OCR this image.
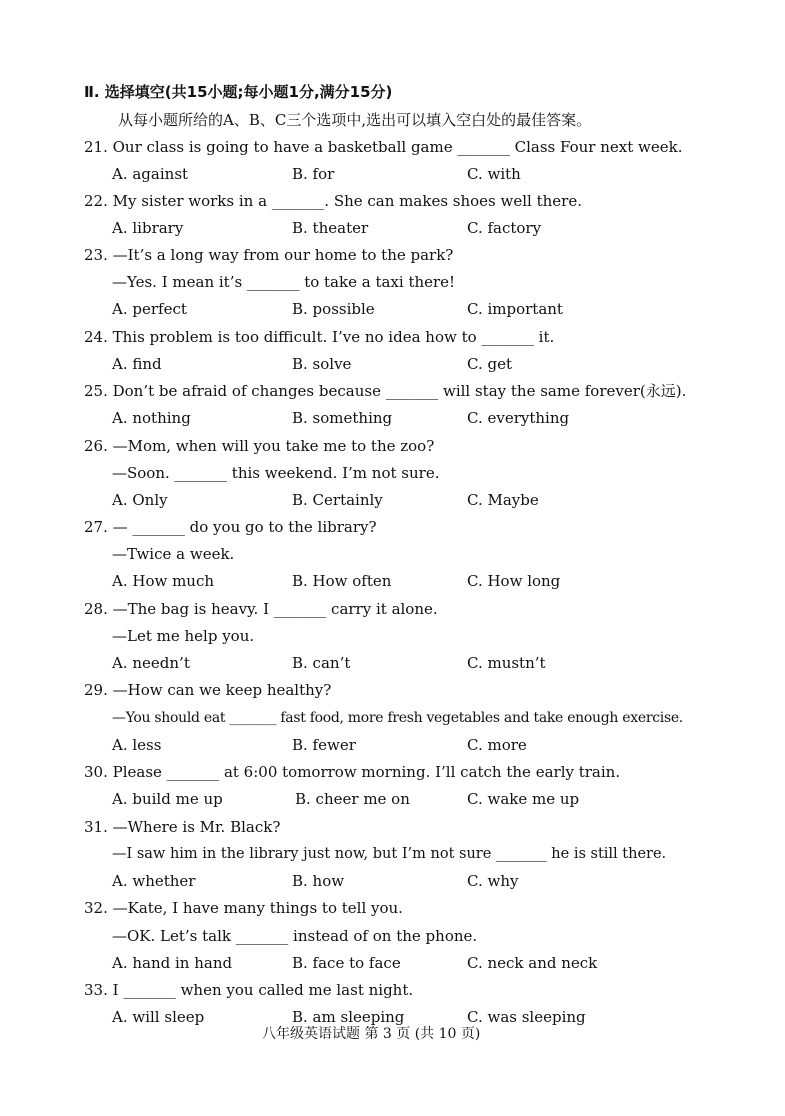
Ⅱ. 选择填空(共15小题;每小题1分,满分15分)
从每小题所给的A、B、C三个选项中,选出可以填入空白处的最佳答案。
21. Our class is going to have a basketball game _______ Class Four next week.
A. against	B. for	C. with
22. My sister works in a _______. She can makes shoes well there.
A. library	B. theater	C. factory
23. —It’s a long way from our home to the park?
—Yes. I mean it’s _______ to take a taxi there!
A. perfect	B. possible	C. important
24. This problem is too difficult. I’ve no idea how to _______ it.
A. find	B. solve	C. get
25. Don’t be afraid of changes because _______ will stay the same forever(永远).
A. nothing	B. something	C. everything
26. —Mom, when will you take me to the zoo?
—Soon. _______ this weekend. I’m not sure.
A. Only	B. Certainly	C. Maybe
27. — _______ do you go to the library?
—Twice a week.
A. How much	B. How often	C. How long
28. —The bag is heavy. I _______ carry it alone.
—Let me help you.
A. needn’t	B. can’t	C. mustn’t
29. —How can we keep healthy?
—You should eat _______ fast food, more fresh vegetables and take enough exercise.
A. less	B. fewer	C. more
30. Please _______ at 6:00 tomorrow morning. I’ll catch the early train.
A. build me up	B. cheer me on	C. wake me up
31. —Where is Mr. Black?
—I saw him in the library just now, but I’m not sure _______ he is still there.
A. whether	B. how	C. why
32. —Kate, I have many things to tell you.
—OK. Let’s talk _______ instead of on the phone.
A. hand in hand	B. face to face	C. neck and neck
33. I _______ when you called me last night.
A. will sleep	B. am sleeping	C. was sleeping
八年级英语试题 第 3 页 (共 10 页)
